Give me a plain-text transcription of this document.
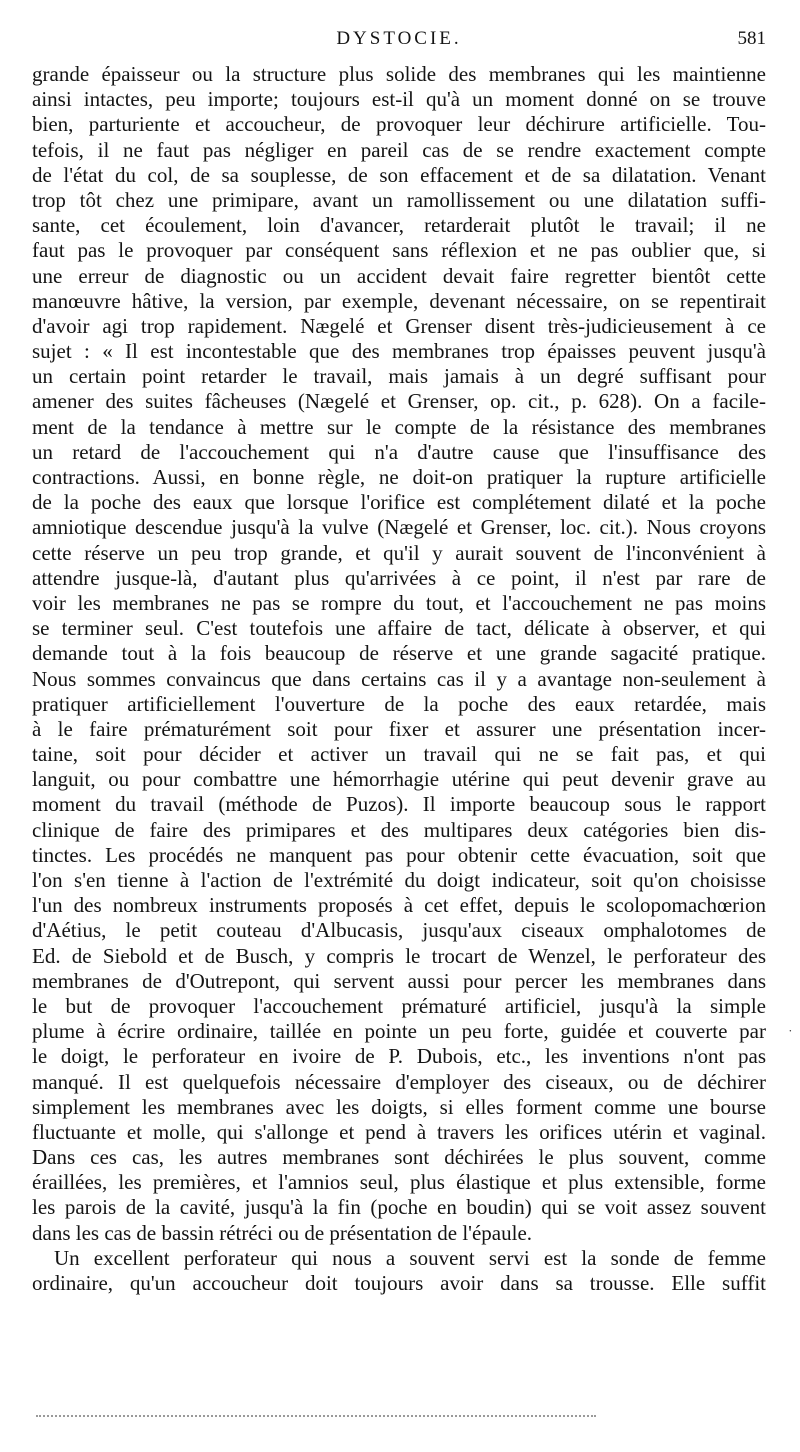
DYSTOCIE.	581
grande épaisseur ou la structure plus solide des membranes qui les maintienne
ainsi intactes, peu importe; toujours est-il qu'à un moment donné on se trouve
bien, parturiente et accoucheur, de provoquer leur déchirure artificielle. Tou-
tefois, il ne faut pas négliger en pareil cas de se rendre exactement compte
de l'état du col, de sa souplesse, de son effacement et de sa dilatation. Venant
trop tôt chez une primipare, avant un ramollissement ou une dilatation suffi-
sante, cet écoulement, loin d'avancer, retarderait plutôt le travail; il ne
faut pas le provoquer par conséquent sans réflexion et ne pas oublier que, si
une erreur de diagnostic ou un accident devait faire regretter bientôt cette
manœuvre hâtive, la version, par exemple, devenant nécessaire, on se repentirait
d'avoir agi trop rapidement. Nægelé et Grenser disent très-judicieusement à ce
sujet : « Il est incontestable que des membranes trop épaisses peuvent jusqu'à
un certain point retarder le travail, mais jamais à un degré suffisant pour
amener des suites fâcheuses (Nægelé et Grenser, op. cit., p. 628). On a facile-
ment de la tendance à mettre sur le compte de la résistance des membranes
un retard de l'accouchement qui n'a d'autre cause que l'insuffisance des
contractions. Aussi, en bonne règle, ne doit-on pratiquer la rupture artificielle
de la poche des eaux que lorsque l'orifice est complétement dilaté et la poche
amniotique descendue jusqu'à la vulve (Nægelé et Grenser, loc. cit.). Nous croyons
cette réserve un peu trop grande, et qu'il y aurait souvent de l'inconvénient à
attendre jusque-là, d'autant plus qu'arrivées à ce point, il n'est par rare de
voir les membranes ne pas se rompre du tout, et l'accouchement ne pas moins
se terminer seul. C'est toutefois une affaire de tact, délicate à observer, et qui
demande tout à la fois beaucoup de réserve et une grande sagacité pratique.
Nous sommes convaincus que dans certains cas il y a avantage non-seulement à
pratiquer artificiellement l'ouverture de la poche des eaux retardée, mais
à le faire prématurément soit pour fixer et assurer une présentation incer-
taine, soit pour décider et activer un travail qui ne se fait pas, et qui
languit, ou pour combattre une hémorrhagie utérine qui peut devenir grave au
moment du travail (méthode de Puzos). Il importe beaucoup sous le rapport
clinique de faire des primipares et des multipares deux catégories bien dis-
tinctes. Les procédés ne manquent pas pour obtenir cette évacuation, soit que
l'on s'en tienne à l'action de l'extrémité du doigt indicateur, soit qu'on choisisse
l'un des nombreux instruments proposés à cet effet, depuis le scolopomachœrion
d'Aétius, le petit couteau d'Albucasis, jusqu'aux ciseaux omphalotomes de
Ed. de Siebold et de Busch, y compris le trocart de Wenzel, le perforateur des
membranes de d'Outrepont, qui servent aussi pour percer les membranes dans
le but de provoquer l'accouchement prématuré artificiel, jusqu'à la simple
plume à écrire ordinaire, taillée en pointe un peu forte, guidée et couverte par
le doigt, le perforateur en ivoire de P. Dubois, etc., les inventions n'ont pas
manqué. Il est quelquefois nécessaire d'employer des ciseaux, ou de déchirer
simplement les membranes avec les doigts, si elles forment comme une bourse
fluctuante et molle, qui s'allonge et pend à travers les orifices utérin et vaginal.
Dans ces cas, les autres membranes sont déchirées le plus souvent, comme
éraillées, les premières, et l'amnios seul, plus élastique et plus extensible, forme
les parois de la cavité, jusqu'à la fin (poche en boudin) qui se voit assez souvent
dans les cas de bassin rétréci ou de présentation de l'épaule.
Un excellent perforateur qui nous a souvent servi est la sonde de femme
ordinaire, qu'un accoucheur doit toujours avoir dans sa trousse. Elle suffit
˙
